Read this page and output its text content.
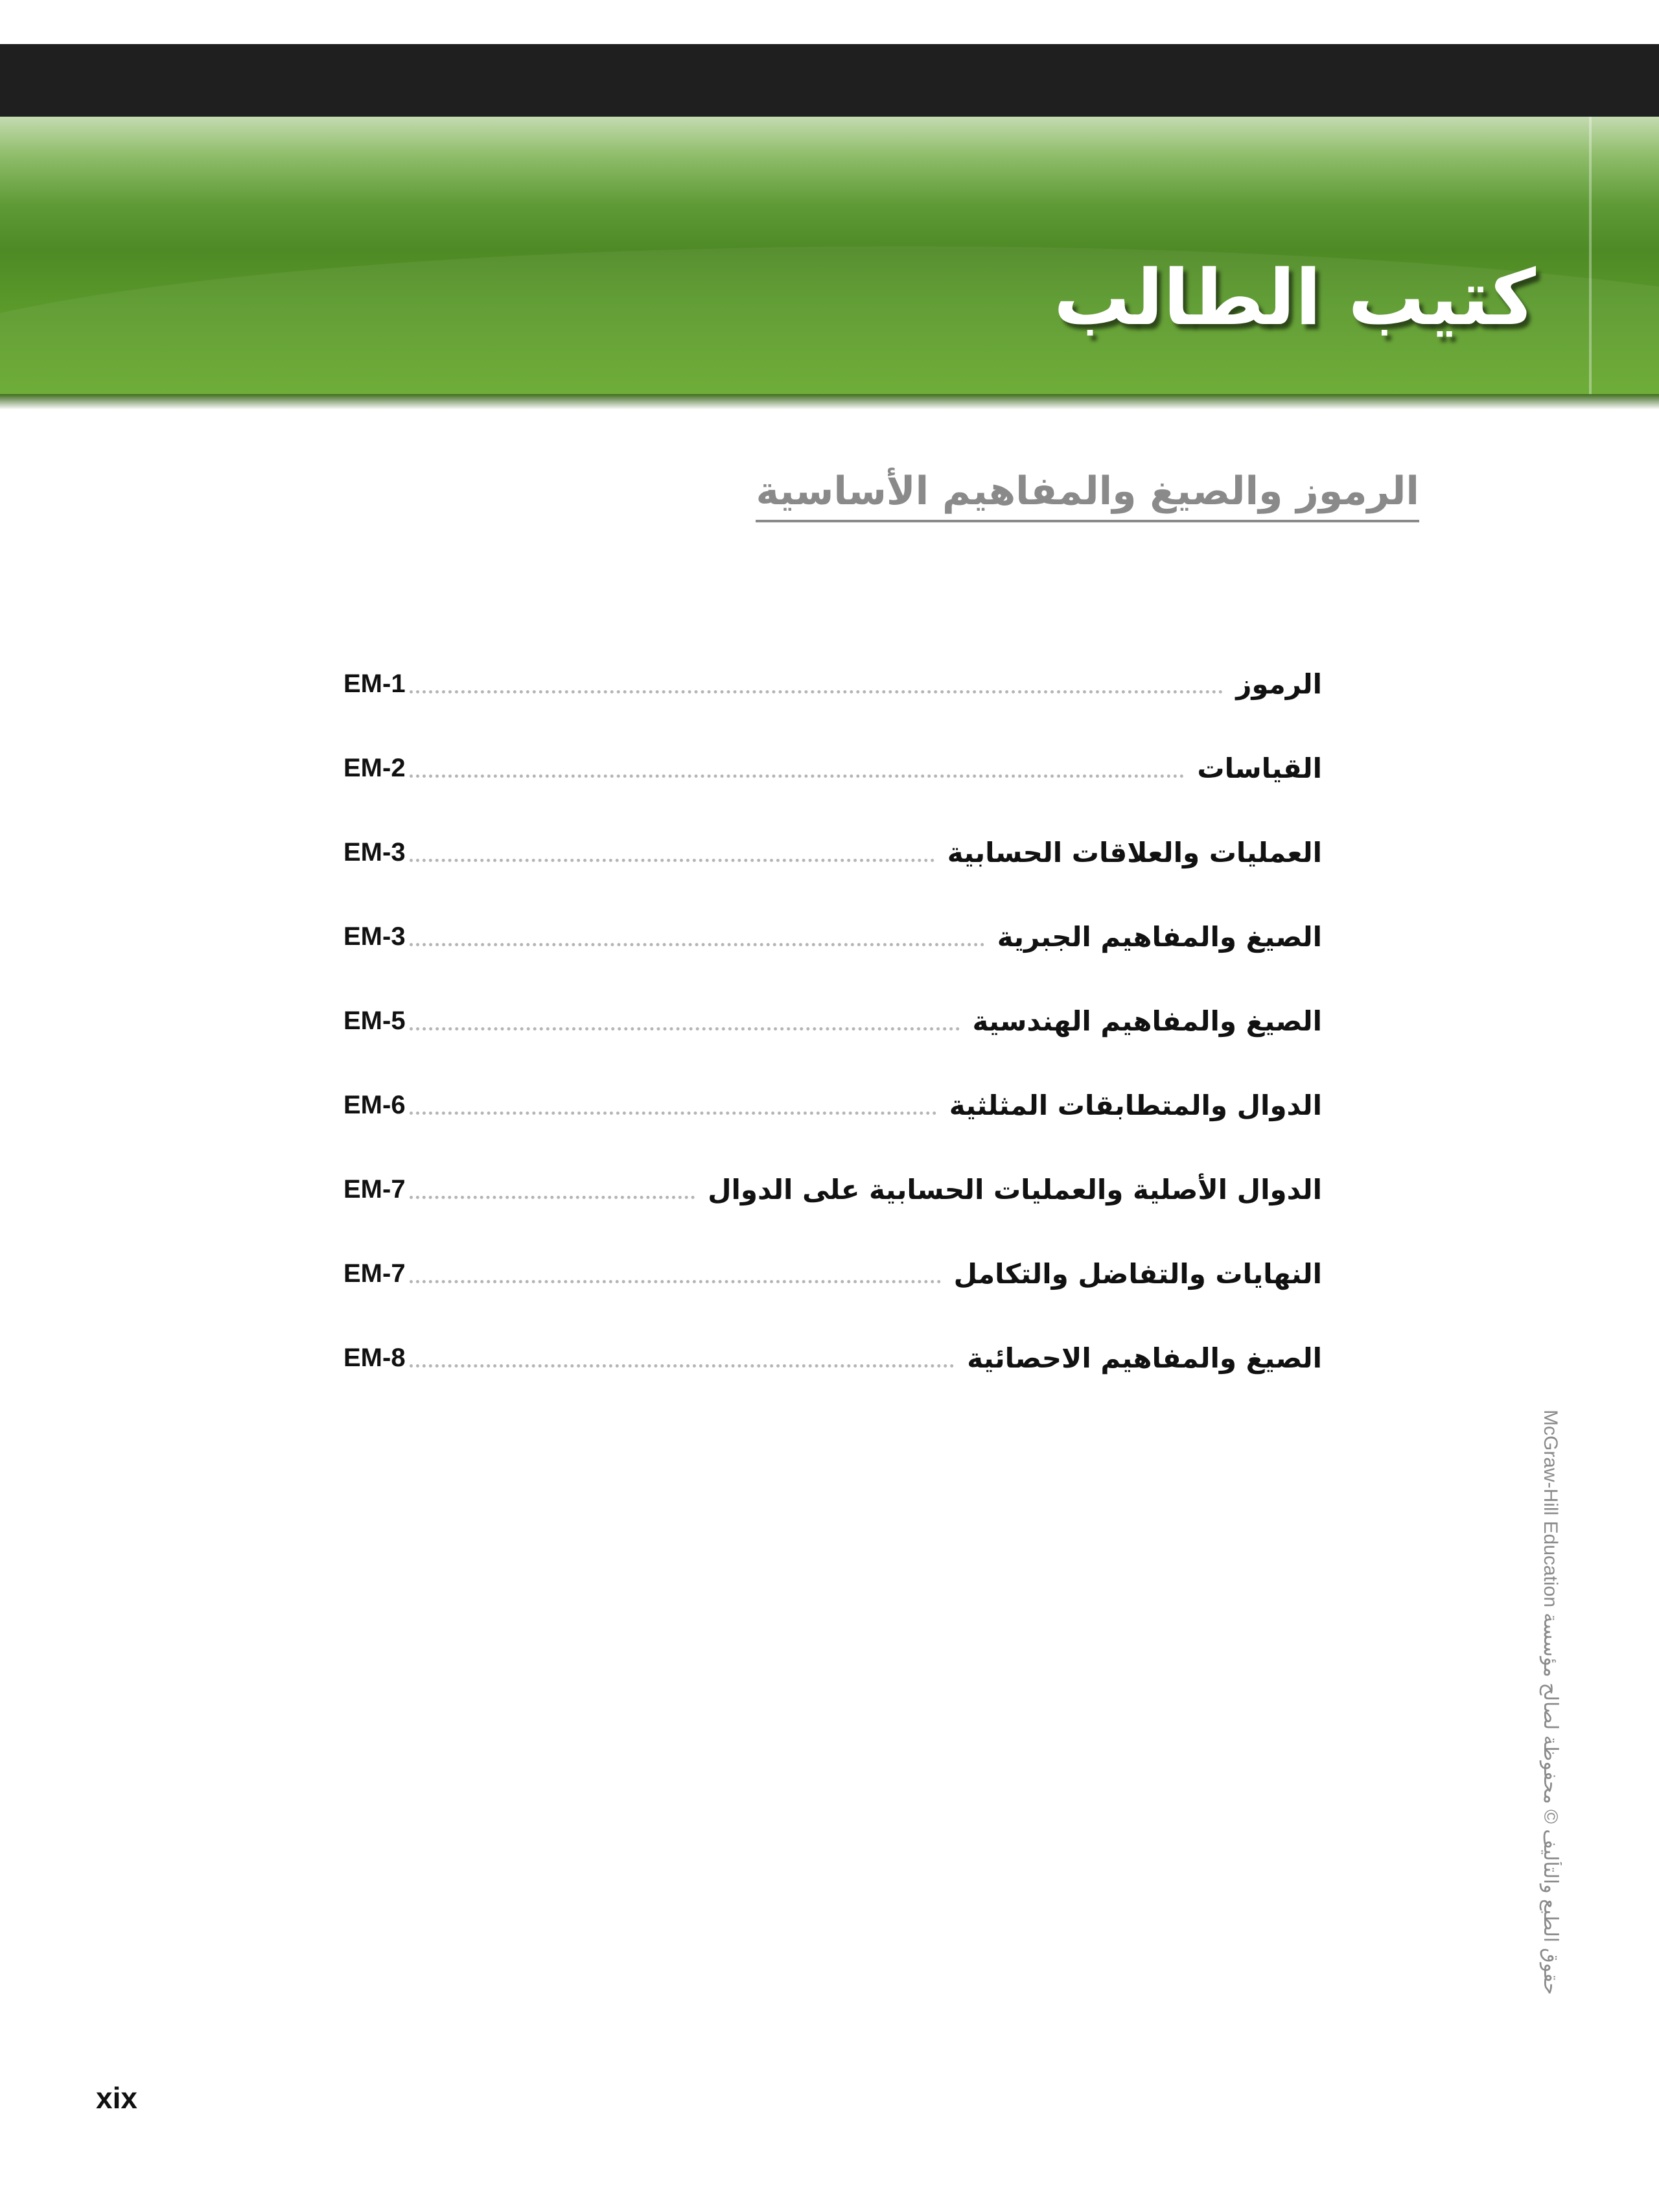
كتيب الطالب
الرموز والصيغ والمفاهيم الأساسية
الرموز
EM-1
القياسات
EM-2
العمليات والعلاقات الحسابية
EM-3
الصيغ والمفاهيم الجبرية
EM-3
الصيغ والمفاهيم الهندسية
EM-5
الدوال والمتطابقات المثلثية
EM-6
الدوال الأصلية والعمليات الحسابية على الدوال
EM-7
النهايات والتفاضل والتكامل
EM-7
الصيغ والمفاهيم الاحصائية
EM-8
حقوق الطبع والتأليف © محفوظة لصالح مؤسسة McGraw-Hill Education

xix
